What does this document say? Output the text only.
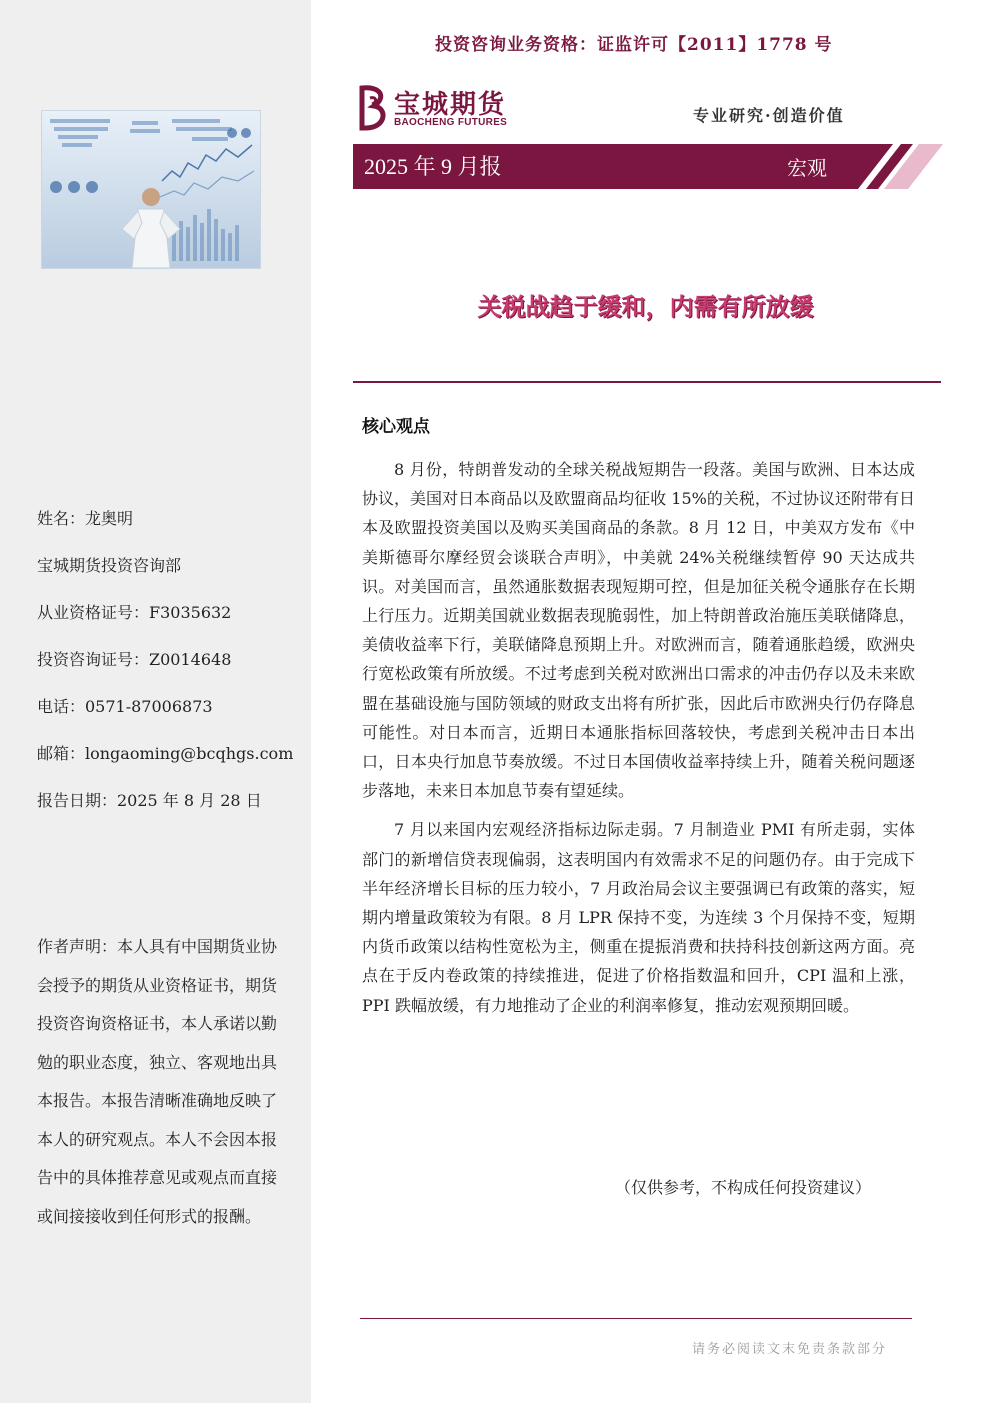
姓名：龙奥明
宝城期货投资咨询部
从业资格证号：F3035632
投资咨询证号：Z0014648
电话：0571-87006873
邮箱：longaoming@bcqhgs.com
报告日期：2025 年 8 月 28 日
作者声明：本人具有中国期货业协会授予的期货从业资格证书，期货投资咨询资格证书，本人承诺以勤勉的职业态度，独立、客观地出具本报告。本报告清晰准确地反映了本人的研究观点。本人不会因本报告中的具体推荐意见或观点而直接或间接接收到任何形式的报酬。
投资咨询业务资格：证监许可【2011】1778 号
宝城期货
BAOCHENG FUTURES	专业研究·创造价值
2025 年 9 月报	宏观
关税战趋于缓和，内需有所放缓
核心观点

8 月份，特朗普发动的全球关税战短期告一段落。美国与欧洲、日本达成协议，美国对日本商品以及欧盟商品均征收 15%的关税，不过协议还附带有日本及欧盟投资美国以及购买美国商品的条款。8 月 12 日，中美双方发布《中美斯德哥尔摩经贸会谈联合声明》，中美就 24%关税继续暂停 90 天达成共识。对美国而言，虽然通胀数据表现短期可控，但是加征关税令通胀存在长期上行压力。近期美国就业数据表现脆弱性，加上特朗普政治施压美联储降息，美债收益率下行，美联储降息预期上升。对欧洲而言，随着通胀趋缓，欧洲央行宽松政策有所放缓。不过考虑到关税对欧洲出口需求的冲击仍存以及未来欧盟在基础设施与国防领域的财政支出将有所扩张，因此后市欧洲央行仍存降息可能性。对日本而言，近期日本通胀指标回落较快，考虑到关税冲击日本出口，日本央行加息节奏放缓。不过日本国债收益率持续上升，随着关税问题逐步落地，未来日本加息节奏有望延续。

7 月以来国内宏观经济指标边际走弱。7 月制造业 PMI 有所走弱，实体部门的新增信贷表现偏弱，这表明国内有效需求不足的问题仍存。由于完成下半年经济增长目标的压力较小，7 月政治局会议主要强调已有政策的落实，短期内增量政策较为有限。8 月 LPR 保持不变，为连续 3 个月保持不变，短期内货币政策以结构性宽松为主，侧重在提振消费和扶持科技创新这两方面。亮点在于反内卷政策的持续推进，促进了价格指数温和回升，CPI 温和上涨，PPI 跌幅放缓，有力地推动了企业的利润率修复，推动宏观预期回暖。

（仅供参考，不构成任何投资建议）
请务必阅读文末免责条款部分
